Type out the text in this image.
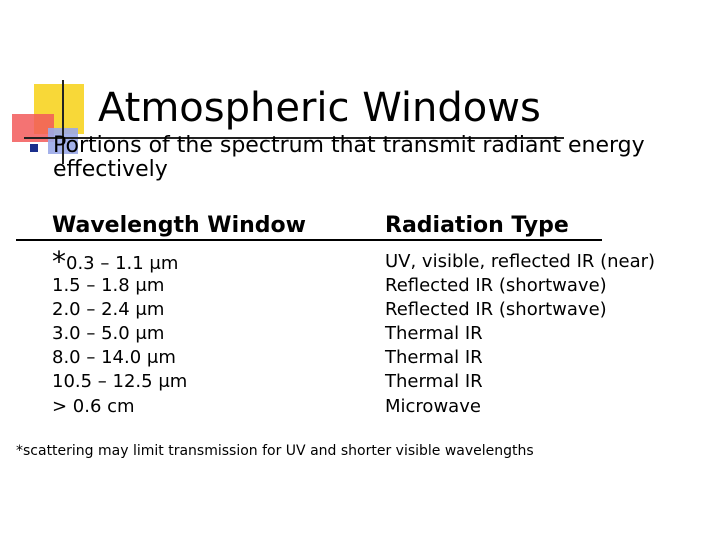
Atmospheric Windows
Portions of the spectrum that transmit radiant energy effectively
Wavelength Window	Radiation Type
*0.3 – 1.1 μm	UV, visible, reflected IR (near)
1.5 – 1.8 μm	Reflected IR (shortwave)
2.0 – 2.4 μm	Reflected IR (shortwave)
3.0 – 5.0 μm	Thermal IR
8.0 – 14.0 μm	Thermal IR
10.5 – 12.5 μm	Thermal IR
> 0.6 cm	Microwave
*scattering may limit transmission for UV and shorter visible wavelengths
